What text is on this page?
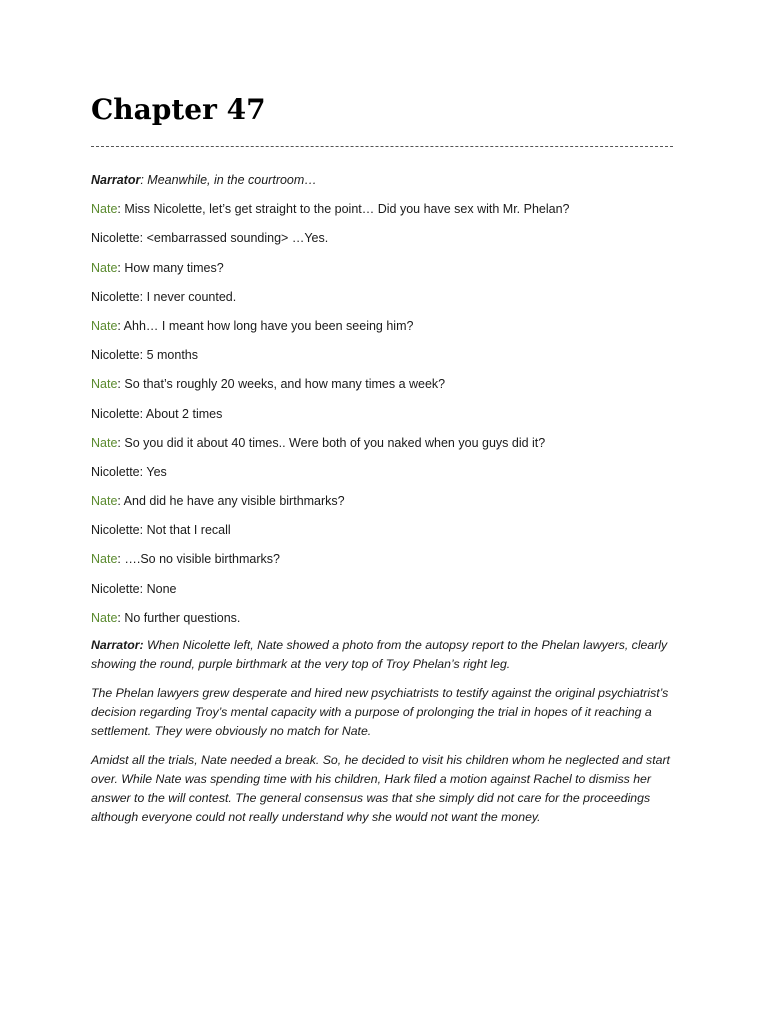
Chapter 47

Narrator: Meanwhile, in the courtroom…

Nate: Miss Nicolette, let’s get straight to the point… Did you have sex with Mr. Phelan?

Nicolette: <embarrassed sounding> …Yes.

Nate: How many times?

Nicolette: I never counted.

Nate: Ahh… I meant how long have you been seeing him?

Nicolette: 5 months

Nate: So that’s roughly 20 weeks, and how many times a week?

Nicolette: About 2 times

Nate: So you did it about 40 times.. Were both of you naked when you guys did it?

Nicolette: Yes

Nate: And did he have any visible birthmarks?

Nicolette: Not that I recall

Nate: ….So no visible birthmarks?

Nicolette: None

Nate: No further questions.

Narrator: When Nicolette left, Nate showed a photo from the autopsy report to the Phelan lawyers, clearly showing the round, purple birthmark at the very top of Troy Phelan’s right leg.

The Phelan lawyers grew desperate and hired new psychiatrists to testify against the original psychiatrist’s decision regarding Troy’s mental capacity with a purpose of prolonging the trial in hopes of it reaching a settlement. They were obviously no match for Nate.

Amidst all the trials, Nate needed a break. So, he decided to visit his children whom he neglected and start over. While Nate was spending time with his children, Hark filed a motion against Rachel to dismiss her answer to the will contest. The general consensus was that she simply did not care for the proceedings although everyone could not really understand why she would not want the money.
